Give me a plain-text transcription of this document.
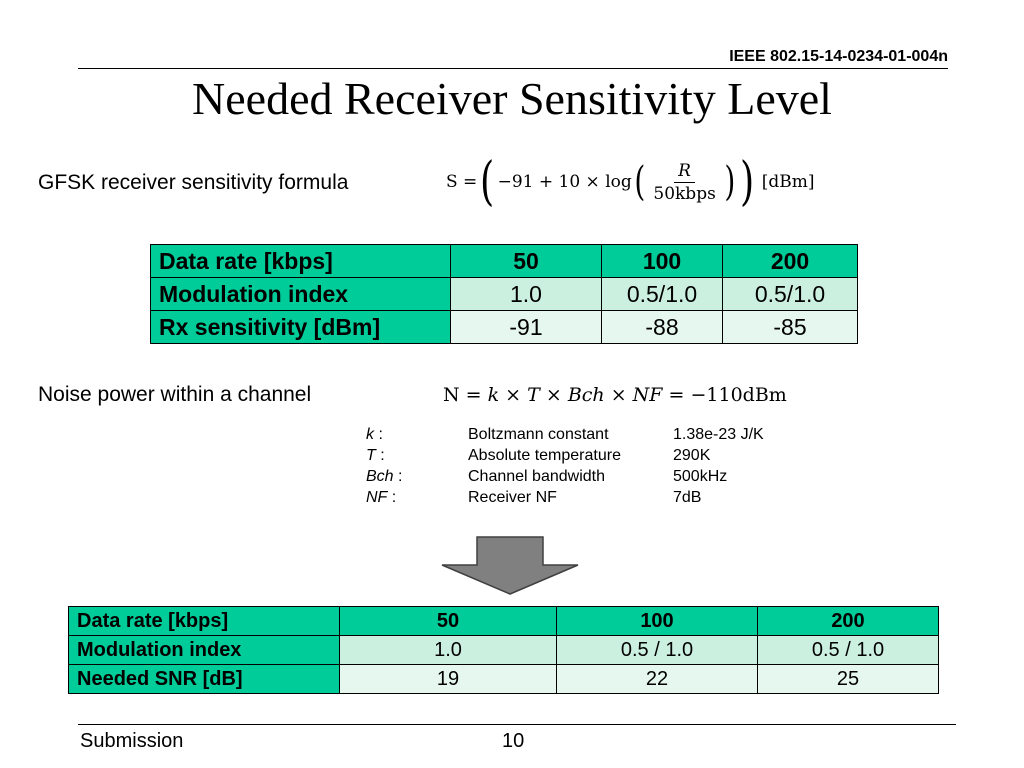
IEEE 802.15-14-0234-01-004n
Needed Receiver Sensitivity Level
GFSK receiver sensitivity formula	S = ( −91 + 10 × log ( $\frac{R}{\text{50kbps}}$ ) ) [dBm]
Data rate [kbps]	50	100	200
Modulation index	1.0	0.5/1.0	0.5/1.0
Rx sensitivity [dBm]	-91	-88	-85
Noise power within a channel	N = k × T × Bch × NF = −110dBm
k :	Boltzmann constant	1.38e-23 J/K
T :	Absolute temperature	290K
Bch :	Channel bandwidth	500kHz
NF :	Receiver NF	7dB
Data rate [kbps]	50	100	200
Modulation index	1.0	0.5 / 1.0	0.5 / 1.0
Needed SNR [dB]	19	22	25
Submission	10
